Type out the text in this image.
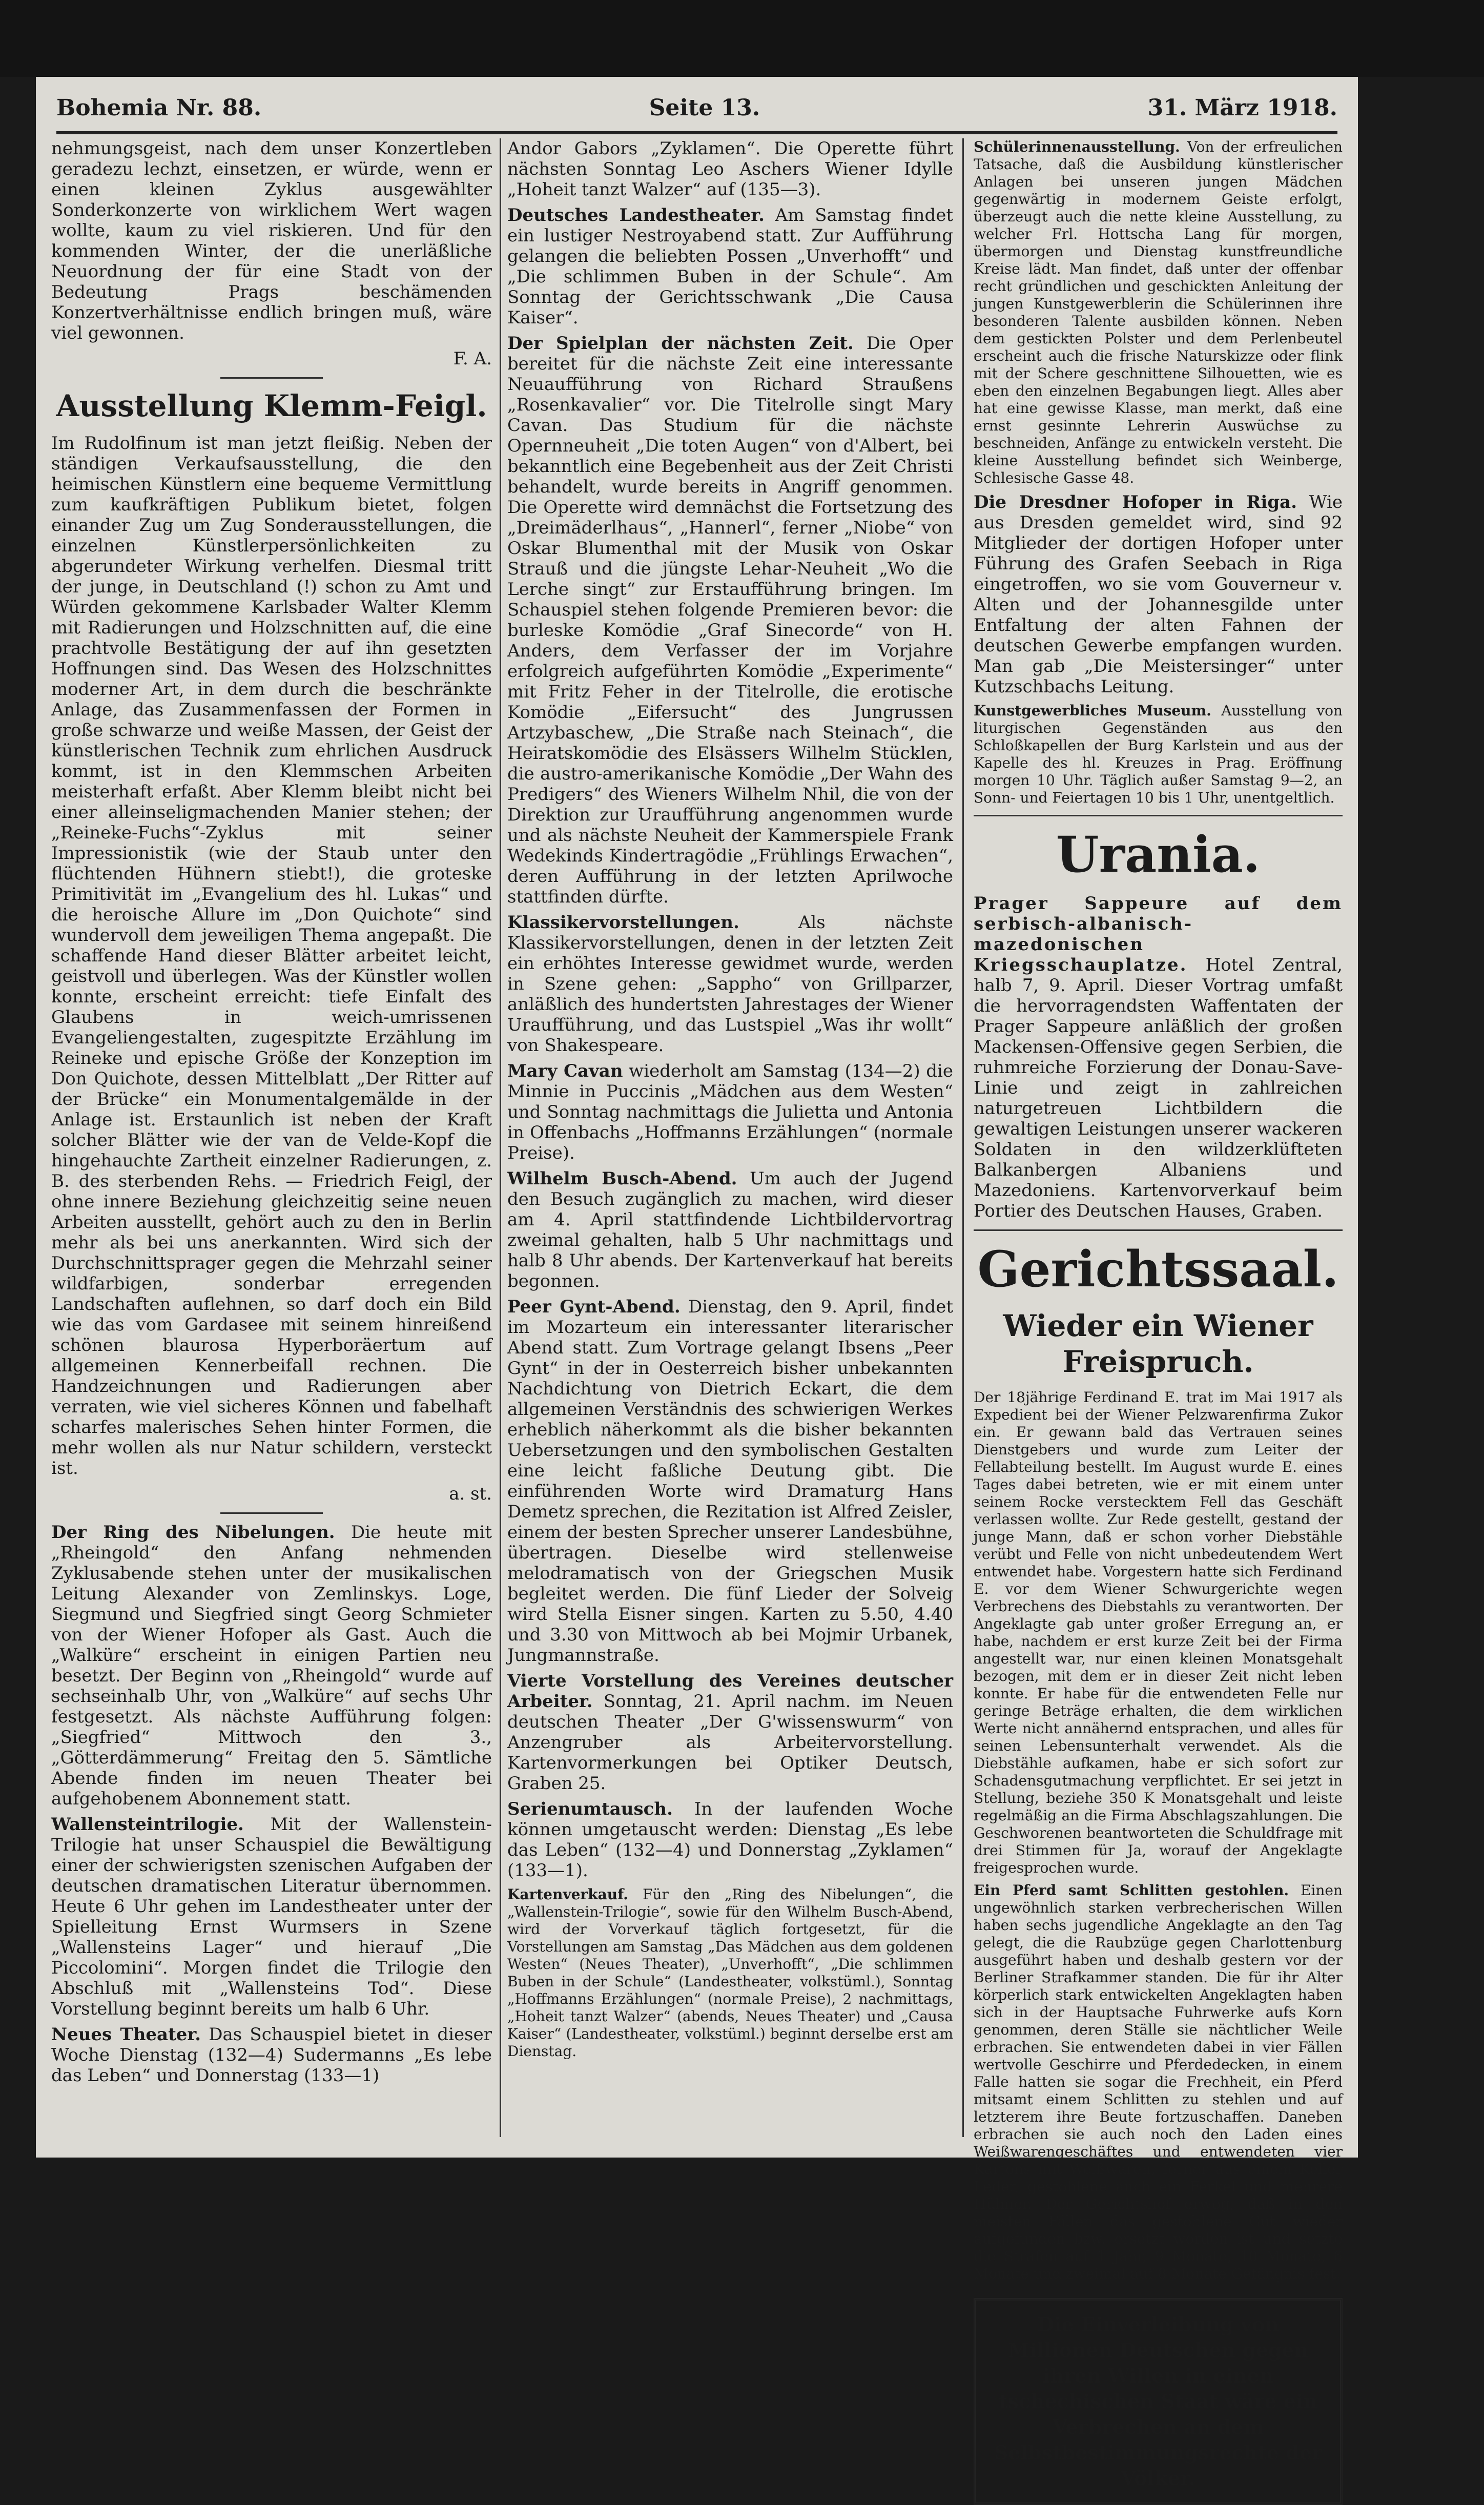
Bohemia Nr. 88.	Seite 13.	31. März 1918.

nehmungsgeist, nach dem unser Konzertleben geradezu lechzt, einsetzen, er würde, wenn er einen kleinen Zyklus ausgewählter Sonderkonzerte von wirklichem Wert wagen wollte, kaum zu viel riskieren. Und für den kommenden Winter, der die unerläßliche Neuordnung der für eine Stadt von der Bedeutung Prags beschämenden Konzertverhältnisse endlich bringen muß, wäre viel gewonnen.

F. A.

Ausstellung Klemm-Feigl.

Im Rudolfinum ist man jetzt fleißig. Neben der ständigen Verkaufsausstellung, die den heimischen Künstlern eine bequeme Vermittlung zum kaufkräftigen Publikum bietet, folgen einander Zug um Zug Sonderausstellungen, die einzelnen Künstlerpersönlichkeiten zu abgerundeter Wirkung verhelfen. Diesmal tritt der junge, in Deutschland (!) schon zu Amt und Würden gekommene Karlsbader Walter Klemm mit Radierungen und Holzschnitten auf, die eine prachtvolle Bestätigung der auf ihn gesetzten Hoffnungen sind. Das Wesen des Holzschnittes moderner Art, in dem durch die beschränkte Anlage, das Zusammenfassen der Formen in große schwarze und weiße Massen, der Geist der künstlerischen Technik zum ehrlichen Ausdruck kommt, ist in den Klemmschen Arbeiten meisterhaft erfaßt. Aber Klemm bleibt nicht bei einer alleinseligmachenden Manier stehen; der „Reineke-Fuchs“-Zyklus mit seiner Impressionistik (wie der Staub unter den flüchtenden Hühnern stiebt!), die groteske Primitivität im „Evangelium des hl. Lukas“ und die heroische Allure im „Don Quichote“ sind wundervoll dem jeweiligen Thema angepaßt. Die schaffende Hand dieser Blätter arbeitet leicht, geistvoll und überlegen. Was der Künstler wollen konnte, erscheint erreicht: tiefe Einfalt des Glaubens in weich-umrissenen Evangeliengestalten, zugespitzte Erzählung im Reineke und epische Größe der Konzeption im Don Quichote, dessen Mittelblatt „Der Ritter auf der Brücke“ ein Monumentalgemälde in der Anlage ist. Erstaunlich ist neben der Kraft solcher Blätter wie der van de Velde-Kopf die hingehauchte Zartheit einzelner Radierungen, z. B. des sterbenden Rehs. — Friedrich Feigl, der ohne innere Beziehung gleichzeitig seine neuen Arbeiten ausstellt, gehört auch zu den in Berlin mehr als bei uns anerkannten. Wird sich der Durchschnittsprager gegen die Mehrzahl seiner wildfarbigen, sonderbar erregenden Landschaften auflehnen, so darf doch ein Bild wie das vom Gardasee mit seinem hinreißend schönen blaurosa Hyperboräertum auf allgemeinen Kennerbeifall rechnen. Die Handzeichnungen und Radierungen aber verraten, wie viel sicheres Können und fabelhaft scharfes malerisches Sehen hinter Formen, die mehr wollen als nur Natur schildern, versteckt ist.

a. st.

Der Ring des Nibelungen. Die heute mit „Rheingold“ den Anfang nehmenden Zyklusabende stehen unter der musikalischen Leitung Alexander von Zemlinskys. Loge, Siegmund und Siegfried singt Georg Schmieter von der Wiener Hofoper als Gast. Auch die „Walküre“ erscheint in einigen Partien neu besetzt. Der Beginn von „Rheingold“ wurde auf sechseinhalb Uhr, von „Walküre“ auf sechs Uhr festgesetzt. Als nächste Aufführung folgen: „Siegfried“ Mittwoch den 3., „Götterdämmerung“ Freitag den 5. Sämtliche Abende finden im neuen Theater bei aufgehobenem Abonnement statt.

Wallensteintrilogie. Mit der Wallenstein-Trilogie hat unser Schauspiel die Bewältigung einer der schwierigsten szenischen Aufgaben der deutschen dramatischen Literatur übernommen. Heute 6 Uhr gehen im Landestheater unter der Spielleitung Ernst Wurmsers in Szene „Wallensteins Lager“ und hierauf „Die Piccolomini“. Morgen findet die Trilogie den Abschluß mit „Wallensteins Tod“. Diese Vorstellung beginnt bereits um halb 6 Uhr.

Neues Theater. Das Schauspiel bietet in dieser Woche Dienstag (132—4) Sudermanns „Es lebe das Leben“ und Donnerstag (133—1)

Andor Gabors „Zyklamen“. Die Operette führt nächsten Sonntag Leo Aschers Wiener Idylle „Hoheit tanzt Walzer“ auf (135—3).

Deutsches Landestheater. Am Samstag findet ein lustiger Nestroyabend statt. Zur Aufführung gelangen die beliebten Possen „Unverhofft“ und „Die schlimmen Buben in der Schule“. Am Sonntag der Gerichtsschwank „Die Causa Kaiser“.

Der Spielplan der nächsten Zeit. Die Oper bereitet für die nächste Zeit eine interessante Neuaufführung von Richard Straußens „Rosenkavalier“ vor. Die Titelrolle singt Mary Cavan. Das Studium für die nächste Opernneuheit „Die toten Augen“ von d'Albert, bei bekanntlich eine Begebenheit aus der Zeit Christi behandelt, wurde bereits in Angriff genommen. Die Operette wird demnächst die Fortsetzung des „Dreimäderlhaus“, „Hannerl“, ferner „Niobe“ von Oskar Blumenthal mit der Musik von Oskar Strauß und die jüngste Lehar-Neuheit „Wo die Lerche singt“ zur Erstaufführung bringen. Im Schauspiel stehen folgende Premieren bevor: die burleske Komödie „Graf Sinecorde“ von H. Anders, dem Verfasser der im Vorjahre erfolgreich aufgeführten Komödie „Experimente“ mit Fritz Feher in der Titelrolle, die erotische Komödie „Eifersucht“ des Jungrussen Artzybaschew, „Die Straße nach Steinach“, die Heiratskomödie des Elsässers Wilhelm Stücklen, die austro-amerikanische Komödie „Der Wahn des Predigers“ des Wieners Wilhelm Nhil, die von der Direktion zur Uraufführung angenommen wurde und als nächste Neuheit der Kammerspiele Frank Wedekinds Kindertragödie „Frühlings Erwachen“, deren Aufführung in der letzten Aprilwoche stattfinden dürfte.

Klassikervorstellungen.	Als nächste Klassikervorstellungen, denen in der letzten Zeit ein erhöhtes Interesse gewidmet wurde, werden in Szene gehen: „Sappho“ von Grillparzer, anläßlich des hundertsten Jahrestages der Wiener Uraufführung, und das Lustspiel „Was ihr wollt“ von Shakespeare.

Mary Cavan wiederholt am Samstag (134—2) die Minnie in Puccinis „Mädchen aus dem Westen“ und Sonntag nachmittags die Julietta und Antonia in Offenbachs „Hoffmanns Erzählungen“ (normale Preise).

Wilhelm Busch-Abend. Um auch der Jugend den Besuch zugänglich zu machen, wird dieser am 4. April stattfindende Lichtbildervortrag zweimal gehalten, halb 5 Uhr nachmittags und halb 8 Uhr abends. Der Kartenverkauf hat bereits begonnen.

Peer Gynt-Abend. Dienstag, den 9. April, findet im Mozarteum ein interessanter literarischer Abend statt. Zum Vortrage gelangt Ibsens „Peer Gynt“ in der in Oesterreich bisher unbekannten Nachdichtung von Dietrich Eckart, die dem allgemeinen Verständnis des schwierigen Werkes erheblich näherkommt als die bisher bekannten Uebersetzungen und den symbolischen Gestalten eine leicht faßliche Deutung gibt. Die einführenden Worte wird Dramaturg Hans Demetz sprechen, die Rezitation ist Alfred Zeisler, einem der besten Sprecher unserer Landesbühne, übertragen. Dieselbe wird stellenweise melodramatisch von der Griegschen Musik begleitet werden. Die fünf Lieder der Solveig wird Stella Eisner singen. Karten zu 5.50, 4.40 und 3.30 von Mittwoch ab bei Mojmir Urbanek, Jungmannstraße.

Vierte Vorstellung des Vereines deutscher Arbeiter. Sonntag, 21. April nachm. im Neuen deutschen Theater „Der G'wissenswurm“ von Anzengruber als Arbeitervorstellung. Kartenvormerkungen bei Optiker Deutsch, Graben 25.

Serienumtausch. In der laufenden Woche können umgetauscht werden: Dienstag „Es lebe das Leben“ (132—4) und Donnerstag „Zyklamen“ (133—1).

Kartenverkauf. Für den „Ring des Nibelungen“, die „Wallenstein-Trilogie“, sowie für den Wilhelm Busch-Abend, wird der Vorverkauf täglich fortgesetzt, für die Vorstellungen am Samstag „Das Mädchen aus dem goldenen Westen“ (Neues Theater), „Unverhofft“, „Die schlimmen Buben in der Schule“ (Landestheater, volkstüml.), Sonntag „Hoffmanns Erzählungen“ (normale Preise), 2 nachmittags, „Hoheit tanzt Walzer“ (abends, Neues Theater) und „Causa Kaiser“ (Landestheater, volkstüml.) beginnt derselbe erst am Dienstag.

Schülerinnenausstellung. Von der erfreulichen Tatsache, daß die Ausbildung künstlerischer Anlagen bei unseren jungen Mädchen gegenwärtig in modernem Geiste erfolgt, überzeugt auch die nette kleine Ausstellung, zu welcher Frl. Hottscha Lang für morgen, übermorgen und Dienstag kunstfreundliche Kreise lädt. Man findet, daß unter der offenbar recht gründlichen und geschickten Anleitung der jungen Kunstgewerblerin die Schülerinnen ihre besonderen Talente ausbilden können. Neben dem gestickten Polster und dem Perlenbeutel erscheint auch die frische Naturskizze oder flink mit der Schere geschnittene Silhouetten, wie es eben den einzelnen Begabungen liegt. Alles aber hat eine gewisse Klasse, man merkt, daß eine ernst gesinnte Lehrerin Auswüchse zu beschneiden, Anfänge zu entwickeln versteht. Die kleine Ausstellung befindet sich Weinberge, Schlesische Gasse 48.

Die Dresdner Hofoper in Riga. Wie aus Dresden gemeldet wird, sind 92 Mitglieder der dortigen Hofoper unter Führung des Grafen Seebach in Riga eingetroffen, wo sie vom Gouverneur v. Alten und der Johannesgilde unter Entfaltung der alten Fahnen der deutschen Gewerbe empfangen wurden. Man gab „Die Meistersinger“ unter Kutzschbachs Leitung.

Kunstgewerbliches Museum. Ausstellung von liturgischen Gegenständen aus den Schloßkapellen der Burg Karlstein und aus der Kapelle des hl. Kreuzes in Prag. Eröffnung morgen 10 Uhr. Täglich außer Samstag 9—2, an Sonn- und Feiertagen 10 bis 1 Uhr, unentgeltlich.

Urania.

Prager Sappeure auf dem serbisch-albanisch-mazedonischen Kriegsschauplatze. Hotel Zentral, halb 7, 9. April. Dieser Vortrag umfaßt die hervorragendsten Waffentaten der Prager Sappeure anläßlich der großen Mackensen-Offensive gegen Serbien, die ruhmreiche Forzierung der Donau-Save-Linie und zeigt in zahlreichen naturgetreuen Lichtbildern die gewaltigen Leistungen unserer wackeren Soldaten in den wildzerklüfteten Balkanbergen Albaniens und Mazedoniens. Kartenvorverkauf beim Portier des Deutschen Hauses, Graben.

Gerichtssaal.
Wieder ein Wiener Freispruch.

Der 18jährige Ferdinand E. trat im Mai 1917 als Expedient bei der Wiener Pelzwarenfirma Zukor ein. Er gewann bald das Vertrauen seines Dienstgebers und wurde zum Leiter der Fellabteilung bestellt. Im August wurde E. eines Tages dabei betreten, wie er mit einem unter seinem Rocke verstecktem Fell das Geschäft verlassen wollte. Zur Rede gestellt, gestand der junge Mann, daß er schon vorher Diebstähle verübt und Felle von nicht unbedeutendem Wert entwendet habe. Vorgestern hatte sich Ferdinand E. vor dem Wiener Schwurgerichte wegen Verbrechens des Diebstahls zu verantworten. Der Angeklagte gab unter großer Erregung an, er habe, nachdem er erst kurze Zeit bei der Firma angestellt war, nur einen kleinen Monatsgehalt bezogen, mit dem er in dieser Zeit nicht leben konnte. Er habe für die entwendeten Felle nur geringe Beträge erhalten, die dem wirklichen Werte nicht annähernd entsprachen, und alles für seinen Lebensunterhalt verwendet. Als die Diebstähle aufkamen, habe er sich sofort zur Schadensgutmachung verpflichtet. Er sei jetzt in Stellung, beziehe 350 K Monatsgehalt und leiste regelmäßig an die Firma Abschlagszahlungen. Die Geschworenen beantworteten die Schuldfrage mit drei Stimmen für Ja, worauf der Angeklagte freigesprochen wurde.

Ein Pferd samt Schlitten gestohlen. Einen ungewöhnlich starken verbrecherischen Willen haben sechs jugendliche Angeklagte an den Tag gelegt, die die Raubzüge gegen Charlottenburg ausgeführt haben und deshalb gestern vor der Berliner Strafkammer standen. Die für ihr Alter körperlich stark entwickelten Angeklagten haben sich in der Hauptsache Fuhrwerke aufs Korn genommen, deren Ställe sie nächtlicher Weile erbrachen. Sie entwendeten dabei in vier Fällen wertvolle Geschirre und Pferdedecken, in einem Falle hatten sie sogar die Frechheit, ein Pferd mitsamt einem Schlitten zu stehlen und auf letzterem ihre Beute fortzuschaffen. Daneben erbrachen sie auch noch den Laden eines Weißwarengeschäftes und entwendeten vier Kartons mit Weißwaren, ferner aus einem Keller Leder, gestohlene auch ein Ferkel und mehrere Hühner. Der Gerichtshof erwog, daß in den meisten Fällen das gestohlene Gut wieder aufgefunden bzw. ersetzt worden ist und setzte die Strafen auf 1 Jahr, 9 Monate, 10 Monate, 6 Monate und zweimal auf 8 Monate Gefängnis fest.

Die Einverleibung von Millionen Deutschen gegen ihren Willen in einen tschechischen Staat wäre ein Verbrechen an dem Selbstbestimmungsrechte der Völker.
